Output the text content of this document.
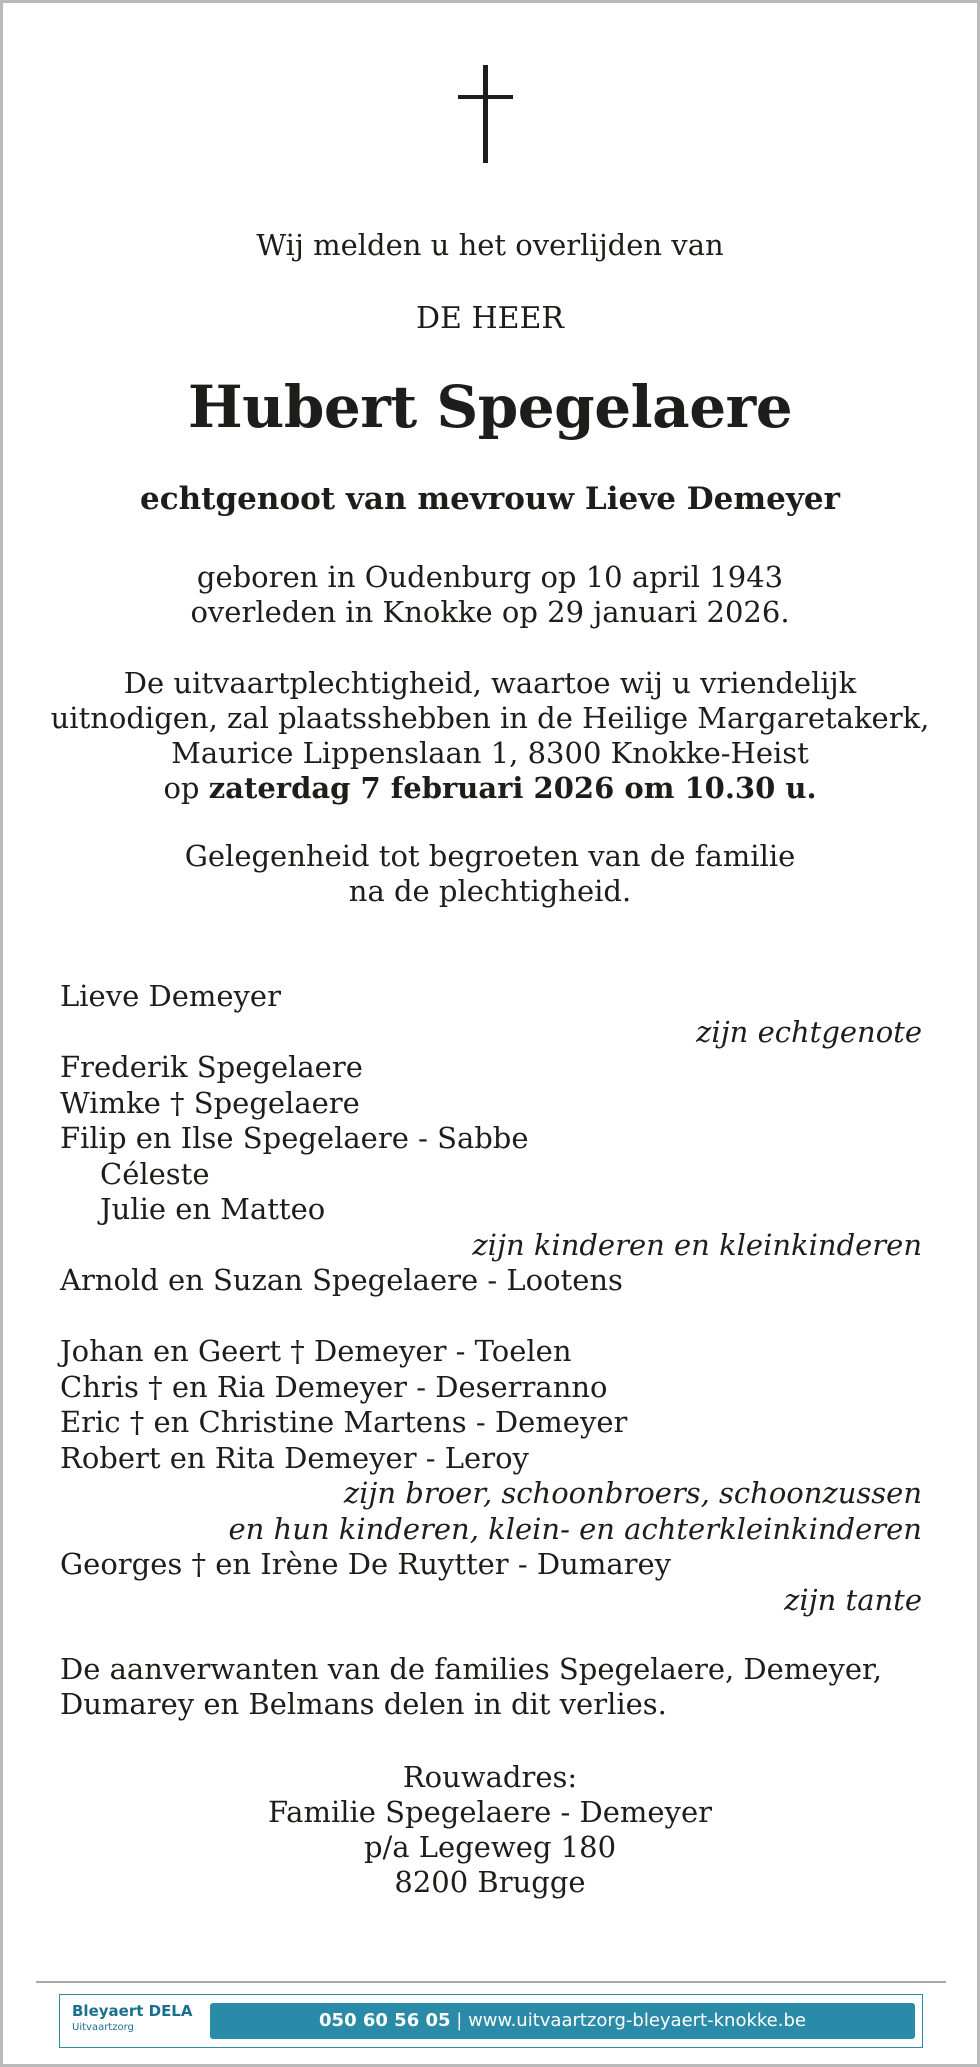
Wij melden u het overlijden van
DE HEER
Hubert Spegelaere
echtgenoot van mevrouw Lieve Demeyer
geboren in Oudenburg op 10 april 1943
overleden in Knokke op 29 januari 2026.
De uitvaartplechtigheid, waartoe wij u vriendelijk
uitnodigen, zal plaatsshebben in de Heilige Margaretakerk,
Maurice Lippenslaan 1, 8300 Knokke-Heist
op zaterdag 7 februari 2026 om 10.30 u.
Gelegenheid tot begroeten van de familie
na de plechtigheid.
Lieve Demeyer
zijn echtgenote
Frederik Spegelaere
Wimke † Spegelaere
Filip en Ilse Spegelaere - Sabbe
Céleste
Julie en Matteo
zijn kinderen en kleinkinderen
Arnold en Suzan Spegelaere - Lootens
Johan en Geert † Demeyer - Toelen
Chris † en Ria Demeyer - Deserranno
Eric † en Christine Martens - Demeyer
Robert en Rita Demeyer - Leroy
zijn broer, schoonbroers, schoonzussen
en hun kinderen, klein- en achterkleinkinderen
Georges † en Irène De Ruytter - Dumarey
zijn tante
De aanverwanten van de families Spegelaere, Demeyer,
Dumarey en Belmans delen in dit verlies.
Rouwadres:
Familie Spegelaere - Demeyer
p/a Legeweg 180
8200 Brugge
Bleyaert DELA
Uitvaartzorg	050 60 56 05 | www.uitvaartzorg-bleyaert-knokke.be
